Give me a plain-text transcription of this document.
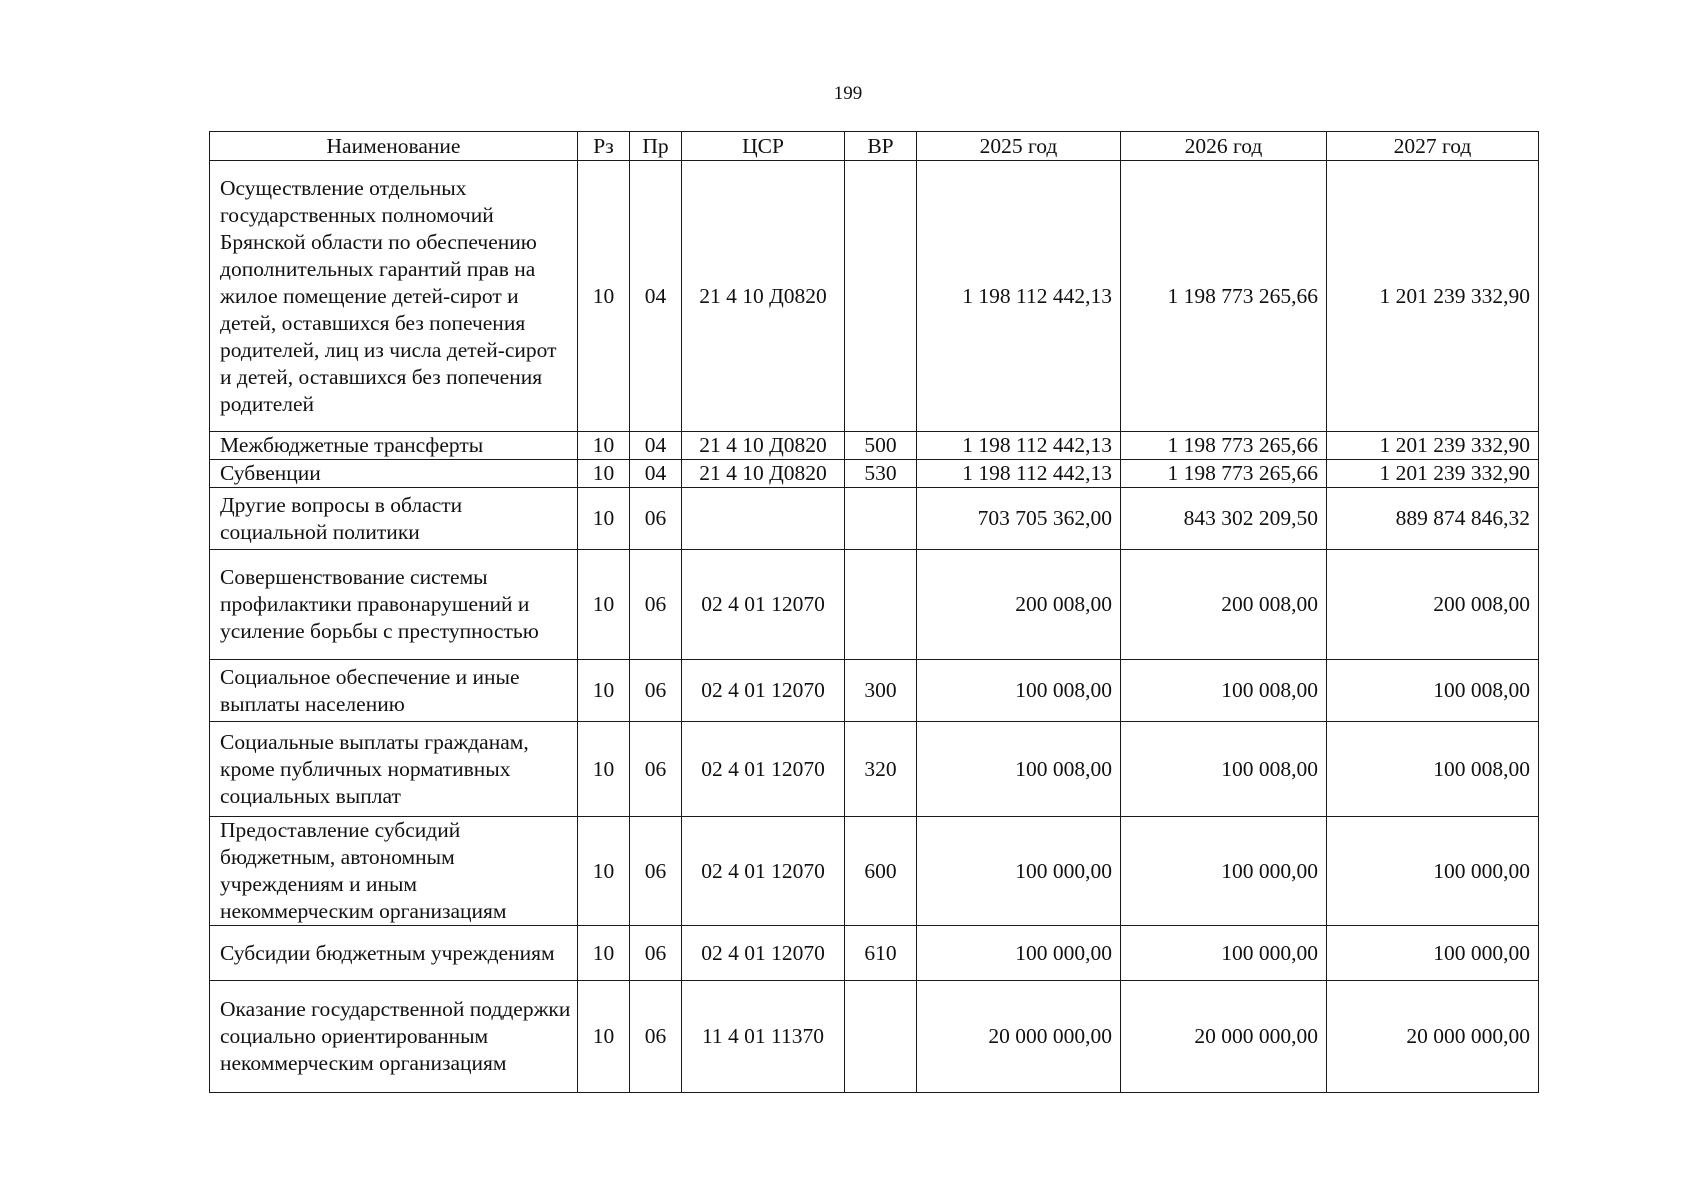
199
Наименование	Рз	Пр	ЦСР	ВР	2025 год	2026 год	2027 год
Осуществление отдельных государственных полномочий Брянской области по обеспечению дополнительных гарантий прав на жилое помещение детей-сирот и детей, оставшихся без попечения родителей, лиц из числа детей-сирот и детей, оставшихся без попечения родителей	10	04	21 4 10 Д0820		1 198 112 442,13	1 198 773 265,66	1 201 239 332,90
Межбюджетные трансферты	10	04	21 4 10 Д0820	500	1 198 112 442,13	1 198 773 265,66	1 201 239 332,90
Субвенции	10	04	21 4 10 Д0820	530	1 198 112 442,13	1 198 773 265,66	1 201 239 332,90
Другие вопросы в области социальной политики	10	06			703 705 362,00	843 302 209,50	889 874 846,32
Совершенствование системы профилактики правонарушений и усиление борьбы с преступностью	10	06	02 4 01 12070		200 008,00	200 008,00	200 008,00
Социальное обеспечение и иные выплаты населению	10	06	02 4 01 12070	300	100 008,00	100 008,00	100 008,00
Социальные выплаты гражданам, кроме публичных нормативных социальных выплат	10	06	02 4 01 12070	320	100 008,00	100 008,00	100 008,00
Предоставление субсидий бюджетным, автономным учреждениям и иным некоммерческим организациям	10	06	02 4 01 12070	600	100 000,00	100 000,00	100 000,00
Субсидии бюджетным учреждениям	10	06	02 4 01 12070	610	100 000,00	100 000,00	100 000,00
Оказание государственной поддержки социально ориентированным некоммерческим организациям	10	06	11 4 01 11370		20 000 000,00	20 000 000,00	20 000 000,00
